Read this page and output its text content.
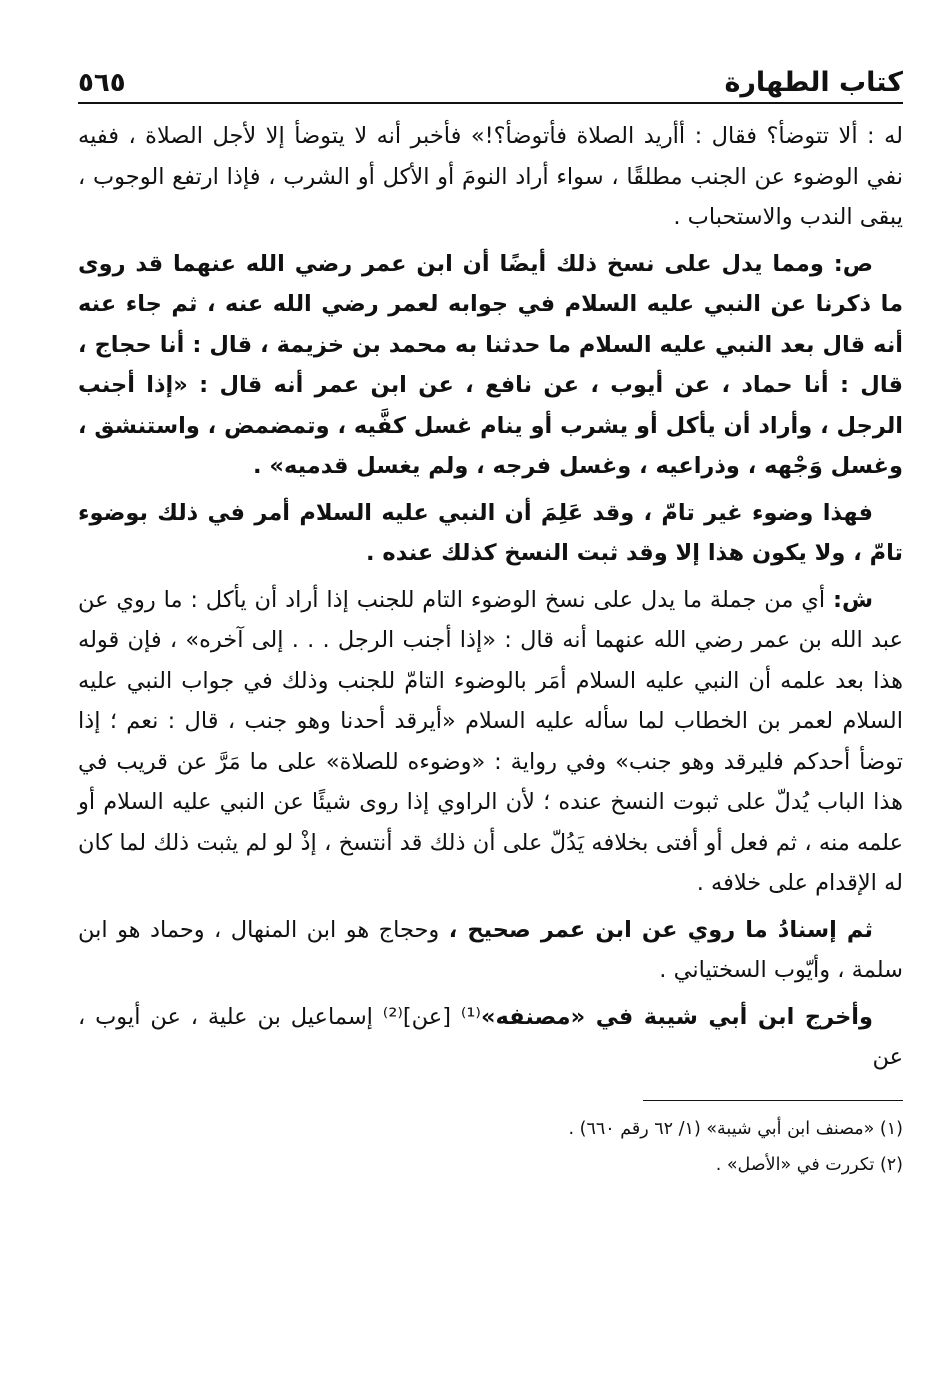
كتاب الطهارة
٥٦٥

له : ألا تتوضأ؟ فقال : أأريد الصلاة فأتوضأ؟!» فأخبر أنه لا يتوضأ إلا لأجل الصلاة ، ففيه نفي الوضوء عن الجنب مطلقًا ، سواء أراد النومَ أو الأكل أو الشرب ، فإذا ارتفع الوجوب ، يبقى الندب والاستحباب .

ص: ومما يدل على نسخ ذلك أيضًا أن ابن عمر رضي الله عنهما قد روى ما ذكرنا عن النبي عليه السلام في جوابه لعمر رضي الله عنه ، ثم جاء عنه أنه قال بعد النبي عليه السلام ما حدثنا به محمد بن خزيمة ، قال : أنا حجاج ، قال : أنا حماد ، عن أيوب ، عن نافع ، عن ابن عمر أنه قال : «إذا أجنب الرجل ، وأراد أن يأكل أو يشرب أو ينام غسل كفَّيه ، وتمضمض ، واستنشق ، وغسل وَجْهه ، وذراعيه ، وغسل فرجه ، ولم يغسل قدميه» .

فهذا وضوء غير تامّ ، وقد عَلِمَ أن النبي عليه السلام أمر في ذلك بوضوء تامّ ، ولا يكون هذا إلا وقد ثبت النسخ كذلك عنده .

ش: أي من جملة ما يدل على نسخ الوضوء التام للجنب إذا أراد أن يأكل : ما روي عن عبد الله بن عمر رضي الله عنهما أنه قال : «إذا أجنب الرجل . . . إلى آخره» ، فإن قوله هذا بعد علمه أن النبي عليه السلام أمَر بالوضوء التامّ للجنب وذلك في جواب النبي عليه السلام لعمر بن الخطاب لما سأله عليه السلام «أيرقد أحدنا وهو جنب ، قال : نعم ؛ إذا توضأ أحدكم فليرقد وهو جنب» وفي رواية : «وضوءه للصلاة» على ما مَرَّ عن قريب في هذا الباب يُدلّ على ثبوت النسخ عنده ؛ لأن الراوي إذا روى شيئًا عن النبي عليه السلام أو علمه منه ، ثم فعل أو أفتى بخلافه يَدُلّ على أن ذلك قد أنتسخ ، إذْ لو لم يثبت ذلك لما كان له الإقدام على خلافه .

ثم إسنادُ ما روي عن ابن عمر صحيح ، وحجاج هو ابن المنهال ، وحماد هو ابن سلمة ، وأيّوب السختياني .

وأخرج ابن أبي شيبة في «مصنفه»⁽¹⁾ [عن]⁽²⁾ إسماعيل بن علية ، عن أيوب ، عن

(١) «مصنف ابن أبي شيبة» (١/ ٦٢ رقم ٦٦٠) .

(٢) تكررت في «الأصل» .
